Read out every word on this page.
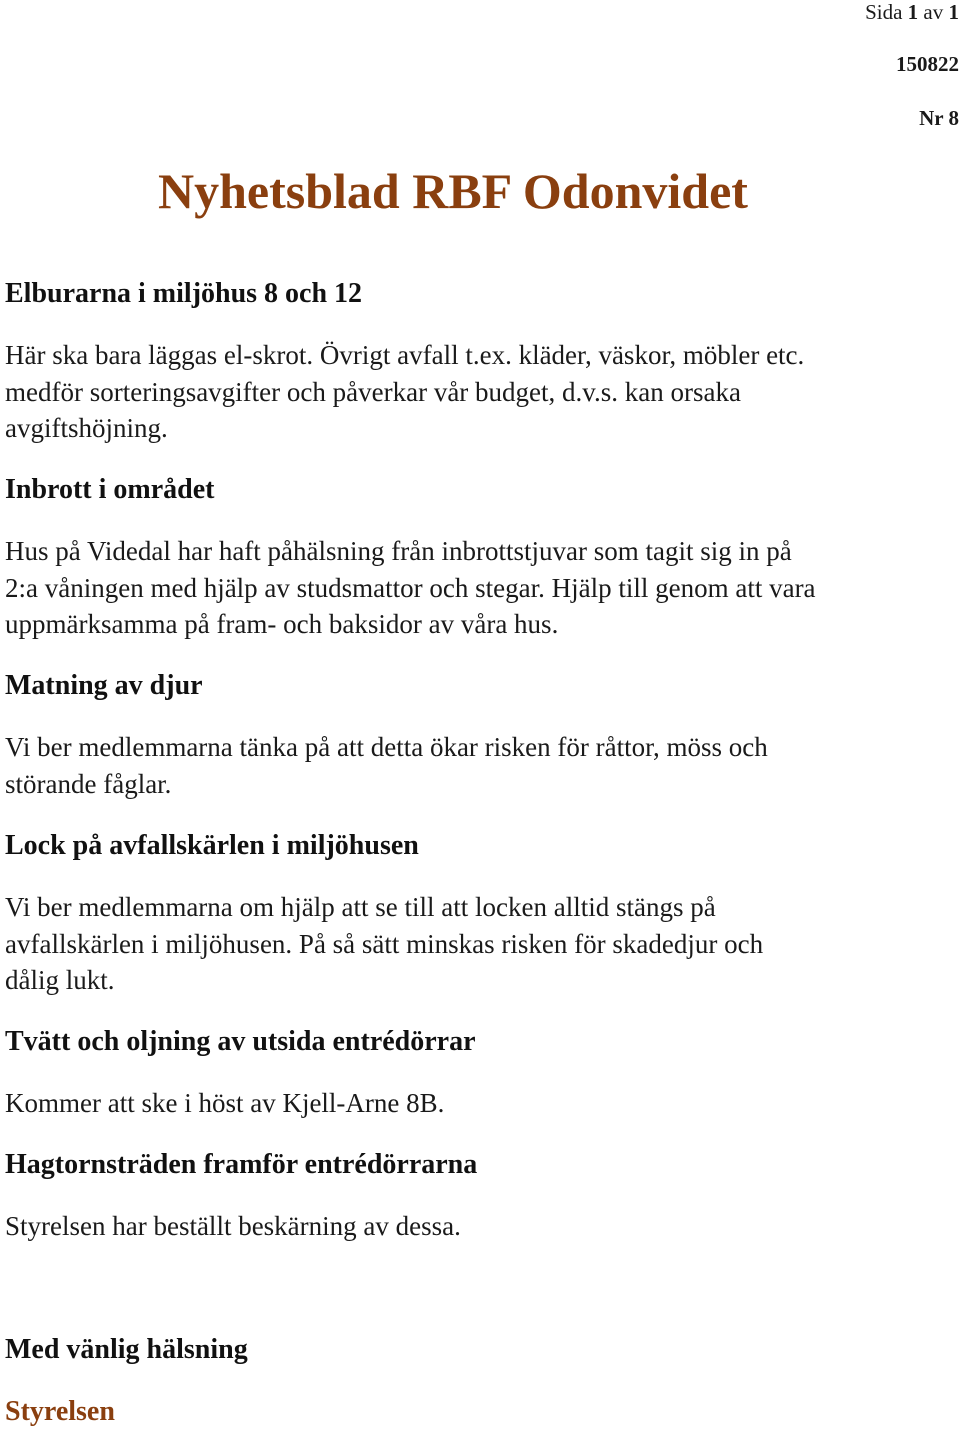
Sida 1 av 1
150822
Nr 8
Nyhetsblad RBF Odonvidet
Elburarna i miljöhus 8 och 12
Här ska bara läggas el-skrot. Övrigt avfall t.ex. kläder, väskor, möbler etc.
medför sorteringsavgifter och påverkar vår budget, d.v.s. kan orsaka
avgiftshöjning.
Inbrott i området
Hus på Videdal har haft påhälsning från inbrottstjuvar som tagit sig in på
2:a våningen med hjälp av studsmattor och stegar. Hjälp till genom att vara
uppmärksamma på fram- och baksidor av våra hus.
Matning av djur
Vi ber medlemmarna tänka på att detta ökar risken för råttor, möss och
störande fåglar.
Lock på avfallskärlen i miljöhusen
Vi ber medlemmarna om hjälp att se till att locken alltid stängs på
avfallskärlen i miljöhusen. På så sätt minskas risken för skadedjur och
dålig lukt.
Tvätt och oljning av utsida entrédörrar
Kommer att ske i höst av Kjell-Arne 8B.
Hagtornsträden framför entrédörrarna
Styrelsen har beställt beskärning av dessa.
Med vänlig hälsning
Styrelsen
